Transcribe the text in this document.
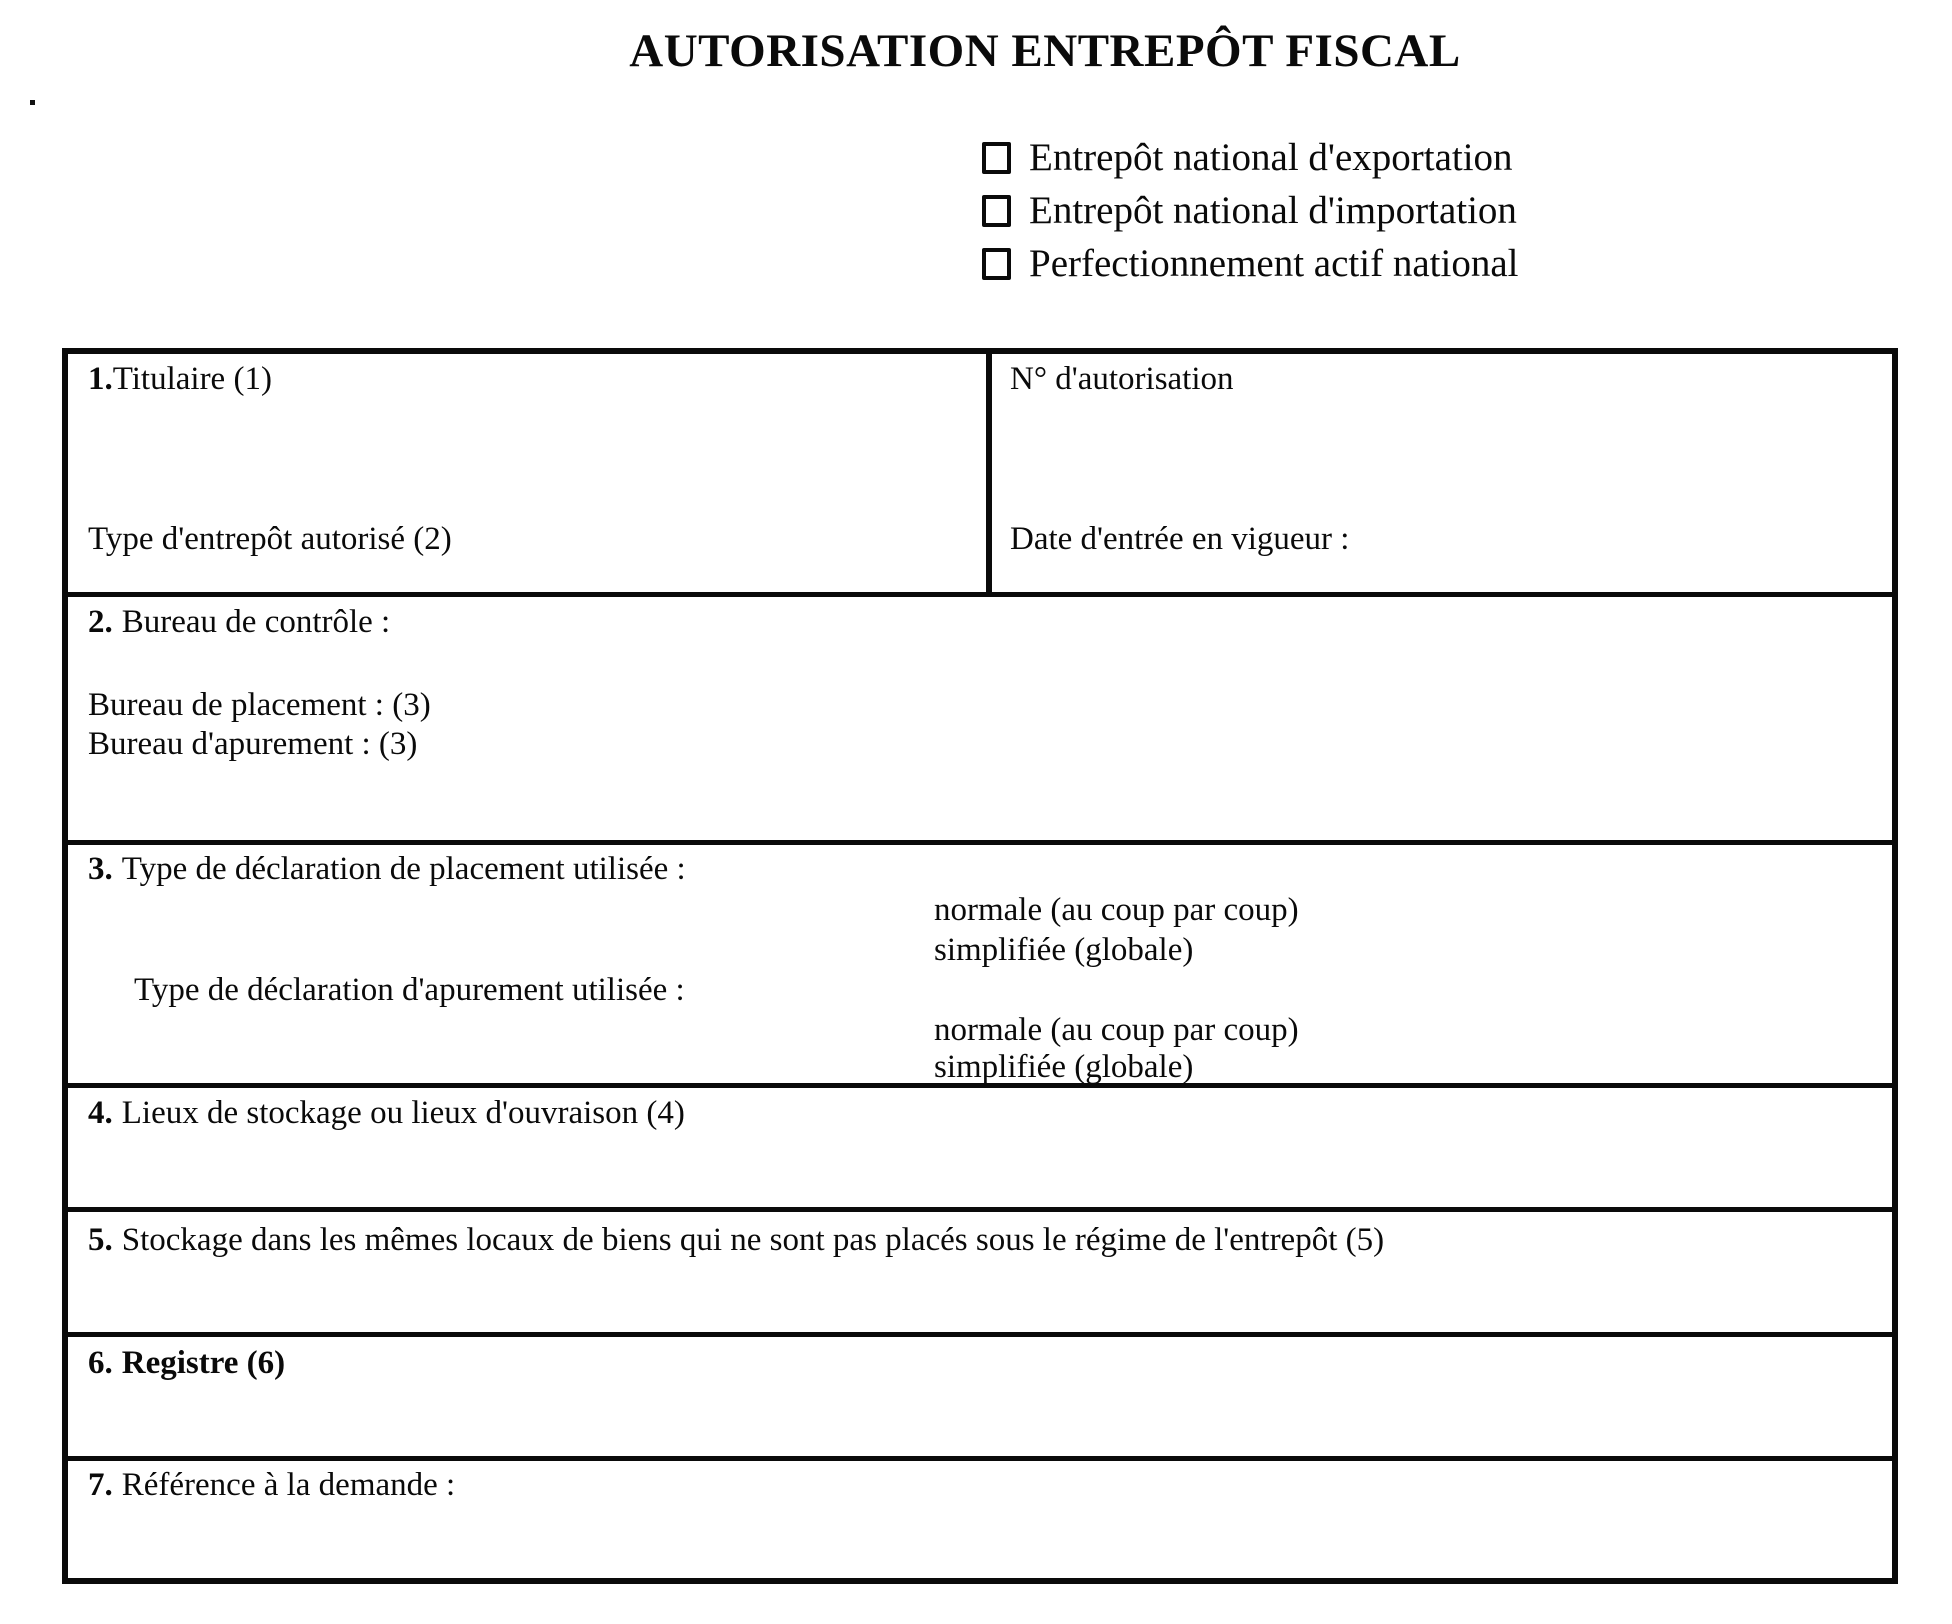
AUTORISATION ENTREPÔT FISCAL
Entrepôt national d'exportation
Entrepôt national d'importation
Perfectionnement actif national
1.Titulaire (1)
Type d'entrepôt autorisé (2)
N° d'autorisation
Date d'entrée en vigueur :
2. Bureau de contrôle :
Bureau de placement : (3)
Bureau d'apurement : (3)
3. Type de déclaration de placement utilisée :
normale (au coup par coup)
simplifiée (globale)
Type de déclaration d'apurement utilisée :
normale (au coup par coup)
simplifiée (globale)
4. Lieux de stockage ou lieux d'ouvraison (4)
5. Stockage dans les mêmes locaux de biens qui ne sont pas placés sous le régime de l'entrepôt (5)
6. Registre (6)
7. Référence à la demande :
